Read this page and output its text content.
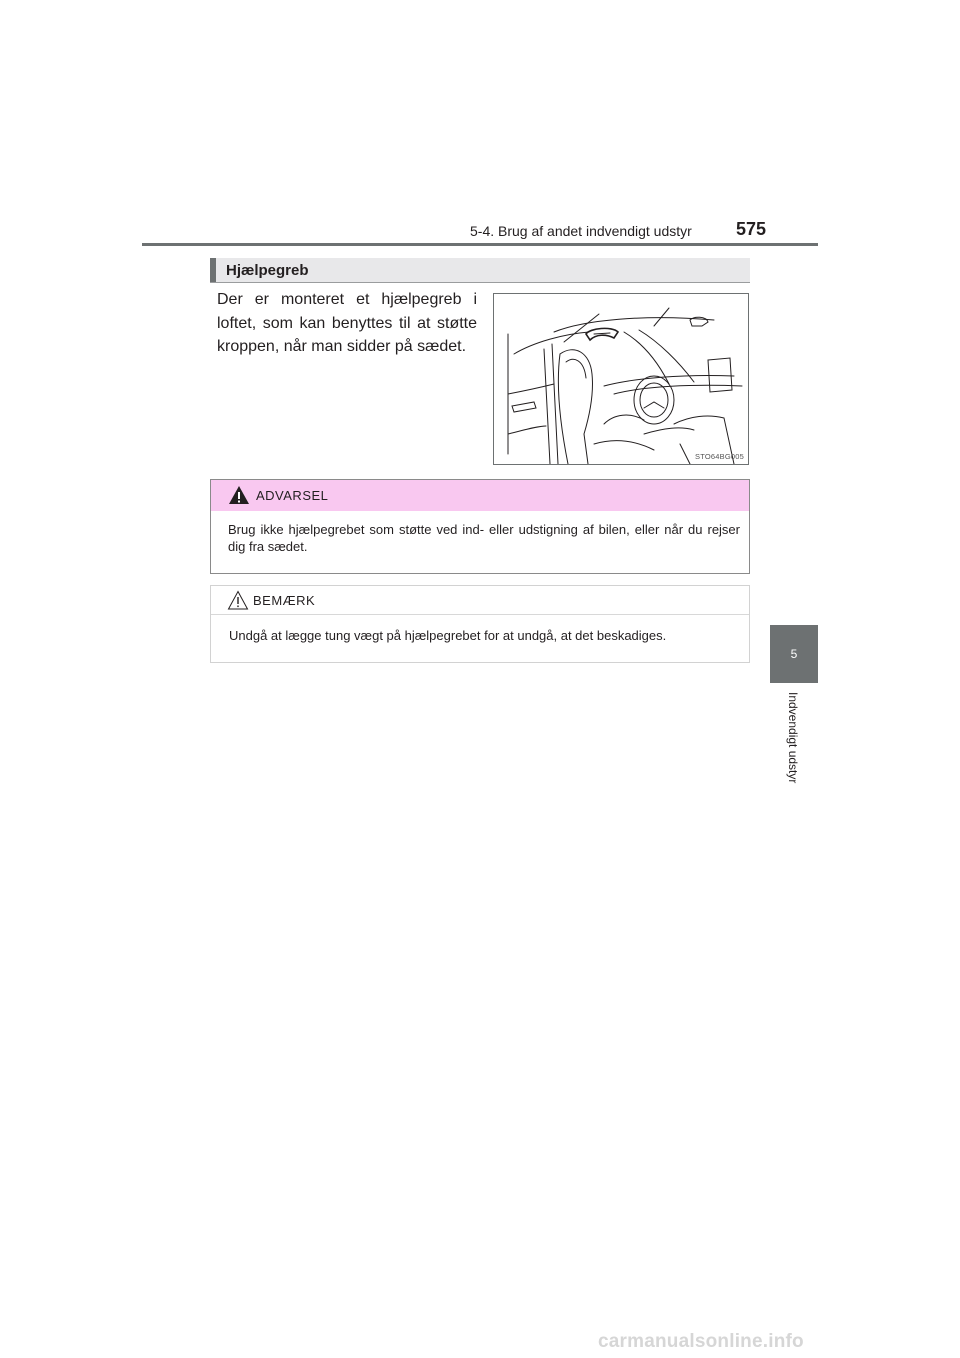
5-4. Brug af andet indvendigt udstyr 575
5
Indvendigt udstyr
Hjælpegreb
Der er monteret et hjælpegreb i loftet, som kan benyttes til at støtte kroppen, når man sidder på sædet.
STO64BG005
ADVARSEL
Brug ikke hjælpegrebet som støtte ved ind- eller udstigning af bilen, eller når du rejser dig fra sædet.
BEMÆRK
Undgå at lægge tung vægt på hjælpegrebet for at undgå, at det beskadiges.
carmanualsonline.info
